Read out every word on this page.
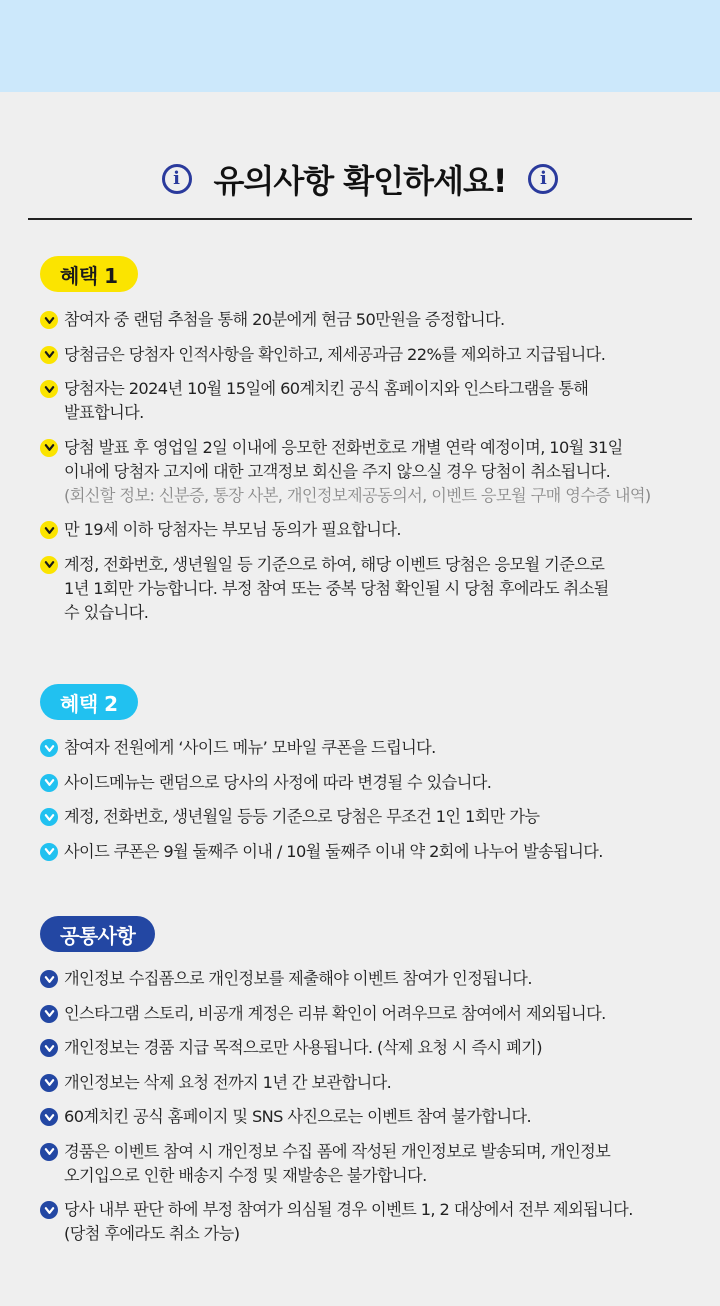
i	유의사항 확인하세요!	i
혜택 1
참여자 중 랜덤 추첨을 통해 20분에게 현금 50만원을 증정합니다.
당첨금은 당첨자 인적사항을 확인하고, 제세공과금 22%를 제외하고 지급됩니다.
당첨자는 2024년 10월 15일에 60계치킨 공식 홈페이지와 인스타그램을 통해
발표합니다.
당첨 발표 후 영업일 2일 이내에 응모한 전화번호로 개별 연락 예정이며, 10월 31일
이내에 당첨자 고지에 대한 고객정보 회신을 주지 않으실 경우 당첨이 취소됩니다.
(회신할 정보: 신분증, 통장 사본, 개인정보제공동의서, 이벤트 응모월 구매 영수증 내역)
만 19세 이하 당첨자는 부모님 동의가 필요합니다.
계정, 전화번호, 생년월일 등 기준으로 하여, 해당 이벤트 당첨은 응모월 기준으로
1년 1회만 가능합니다. 부정 참여 또는 중복 당첨 확인될 시 당첨 후에라도 취소될
수 있습니다.
혜택 2
참여자 전원에게 ‘사이드 메뉴’ 모바일 쿠폰을 드립니다.
사이드메뉴는 랜덤으로 당사의 사정에 따라 변경될 수 있습니다.
계정, 전화번호, 생년월일 등등 기준으로 당첨은 무조건 1인 1회만 가능
사이드 쿠폰은 9월 둘째주 이내 / 10월 둘째주 이내 약 2회에 나누어 발송됩니다.
공통사항
개인정보 수집폼으로 개인정보를 제출해야 이벤트 참여가 인정됩니다.
인스타그램 스토리, 비공개 계정은 리뷰 확인이 어려우므로 참여에서 제외됩니다.
개인정보는 경품 지급 목적으로만 사용됩니다. (삭제 요청 시 즉시 폐기)
개인정보는 삭제 요청 전까지 1년 간 보관합니다.
60계치킨 공식 홈페이지 및 SNS 사진으로는 이벤트 참여 불가합니다.
경품은 이벤트 참여 시 개인정보 수집 폼에 작성된 개인정보로 발송되며, 개인정보
오기입으로 인한 배송지 수정 및 재발송은 불가합니다.
당사 내부 판단 하에 부정 참여가 의심될 경우 이벤트 1, 2 대상에서 전부 제외됩니다.
(당첨 후에라도 취소 가능)
